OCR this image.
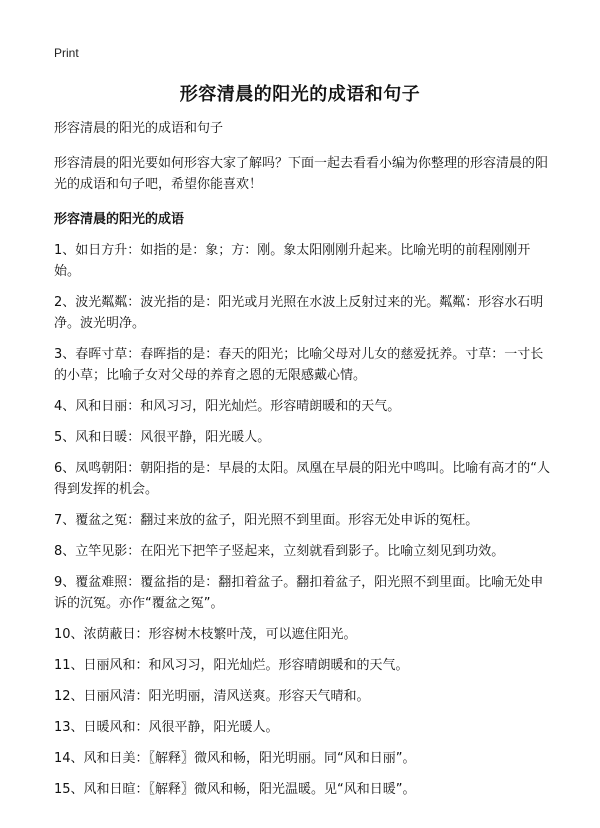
Print
形容清晨的阳光的成语和句子

形容清晨的阳光的成语和句子

形容清晨的阳光要如何形容大家了解吗？下面一起去看看小编为你整理的形容清晨的阳光的成语和句子吧，希望你能喜欢！

形容清晨的阳光的成语

1、如日方升：如指的是：象；方：刚。象太阳刚刚升起来。比喻光明的前程刚刚开始。

2、波光粼粼：波光指的是：阳光或月光照在水波上反射过来的光。粼粼：形容水石明净。波光明净。

3、春晖寸草：春晖指的是：春天的阳光；比喻父母对儿女的慈爱抚养。寸草：一寸长的小草；比喻子女对父母的养育之恩的无限感戴心情。

4、风和日丽：和风习习，阳光灿烂。形容晴朗暖和的天气。

5、风和日暖：风很平静，阳光暖人。

6、凤鸣朝阳：朝阳指的是：早晨的太阳。凤凰在早晨的阳光中鸣叫。比喻有高才的“人得到发挥的机会。

7、覆盆之冤：翻过来放的盆子，阳光照不到里面。形容无处申诉的冤枉。

8、立竿见影：在阳光下把竿子竖起来，立刻就看到影子。比喻立刻见到功效。

9、覆盆难照：覆盆指的是：翻扣着盆子。翻扣着盆子，阳光照不到里面。比喻无处申诉的沉冤。亦作“覆盆之冤”。

10、浓荫蔽日：形容树木枝繁叶茂，可以遮住阳光。

11、日丽风和：和风习习，阳光灿烂。形容晴朗暖和的天气。

12、日丽风清：阳光明丽，清风送爽。形容天气晴和。

13、日暖风和：风很平静，阳光暖人。

14、风和日美：〖解释〗微风和畅，阳光明丽。同“风和日丽”。

15、风和日暄：〖解释〗微风和畅，阳光温暖。见“风和日暖”。
